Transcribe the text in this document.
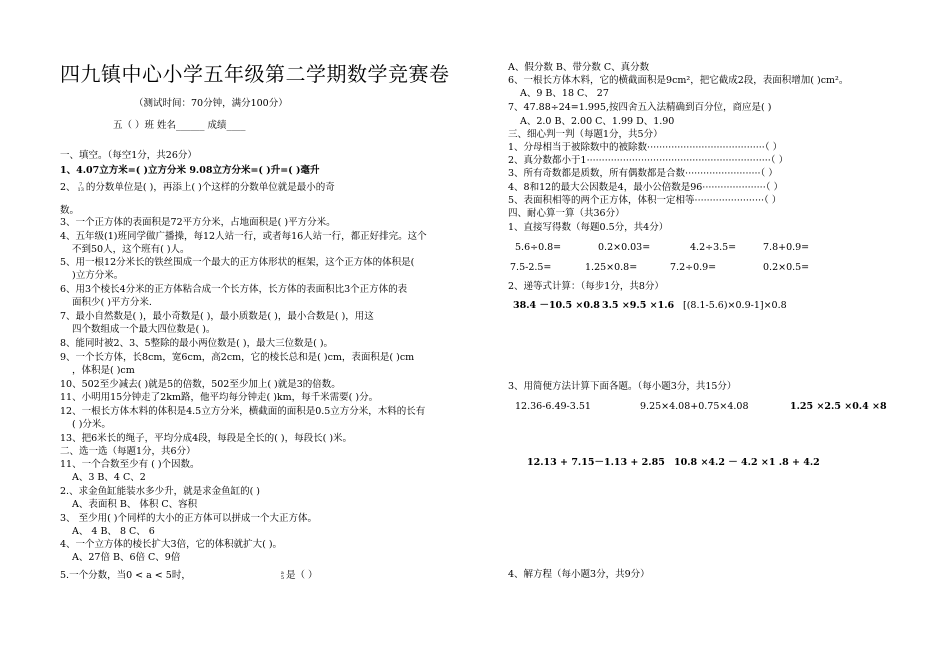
四九镇中心小学五年级第二学期数学竞赛卷
（测试时间：70分钟，满分100分）
五（ ）班 姓名______ 成绩____
一、填空。（每空1分，共26分）
1、4.07立方米=( )立方分米 9.08立方分米=( )升=( )毫升
2、 7
13 的分数单位是( )，再添上( )个这样的分数单位就是最小的奇
数。
3、一个正方体的表面积是72平方分米，占地面积是( )平方分米。
4、五年级(1)班同学做广播操，每12人站一行，或者每16人站一行，都正好排完。这个
不到50人，这个班有( )人。
5、用一根12分米长的铁丝围成一个最大的正方体形状的框架，这个正方体的体积是(
)立方分米。
6、用3个棱长4分米的正方体粘合成一个长方体，长方体的表面积比3个正方体的表
面积少( )平方分米.
7、最小自然数是( )，最小奇数是( )，最小质数是( )，最小合数是( )，用这
四个数组成一个最大四位数是( )。
8、能同时被2、3、5整除的最小两位数是( )，最大三位数是( )。
9、一个长方体，长8cm，宽6cm，高2cm，它的棱长总和是( )cm，表面积是( )cm
，体积是( )cm
10、502至少减去( )就是5的倍数，502至少加上( )就是3的倍数。
11、小明用15分钟走了2km路，他平均每分钟走( )km，每千米需要( )分。
12、一根长方体木料的体积是4.5立方分米，横截面的面积是0.5立方分米，木料的长有
( )分米。
13、把6米长的绳子，平均分成4段，每段是全长的( )，每段长( )米。
二、选一选（每题1分，共6分）
11、一个合数至少有 ( )个因数。
A、3 B、4 C、2
2.、求金鱼缸能装水多少升，就是求金鱼缸的( )
A、表面积 B、 体积 C、容积
3、 至少用( )个同样的大小的正方体可以拼成一个大正方体。
A、 4 B、 8 C、 6
4、一个立方体的棱长扩大3倍，它的体积就扩大( )。
A、27倍 B、6倍 C、9倍
5.一个分数，当0 < a < 5时，	a
5 是（ ）
A、假分数 B、带分数 C、真分数
6、一根长方体木料，它的横截面积是9cm²，把它截成2段，表面积增加( )cm²。
A、9 B、18 C、 27
7、47.88÷24=1.995,按四舍五入法精确到百分位，商应是( )
A、2.0 B、2.00 C、1.99 D、1.90
三、细心判一判（每题1分，共5分）
1、分母相当于被除数中的被除数·······································（ ）
2、真分数都小于1·····························································（ ）
3、所有奇数都是质数，所有偶数都是合数·························（ ）
4、8和12的最大公因数是4，最小公倍数是96·····················（ ）
5、表面积相等的两个正方体，体积一定相等·······················（ ）
四、耐心算一算（共36分）
1、直接写得数（每题0.5分，共4分）
5.6÷0.8=	0.2×0.03=	4.2÷3.5=	7.8+0.9=
7.5-2.5=	1.25×0.8=	7.2÷0.9=	0.2×0.5=
2、递等式计算：（每步1分，共8分）
38.4 －10.5 ×0.8 3.5 ×9.5 ×1.6 [(8.1-5.6)×0.9-1]×0.8
3、用简便方法计算下面各题。（每小题3分，共15分）
12.36-6.49-3.51	9.25×4.08+0.75×4.08	1.25 ×2.5 ×0.4 ×8
12.13 + 7.15－1.13 + 2.85 10.8 ×4.2 － 4.2 ×1 .8 + 4.2
4、解方程（每小题3分，共9分）
